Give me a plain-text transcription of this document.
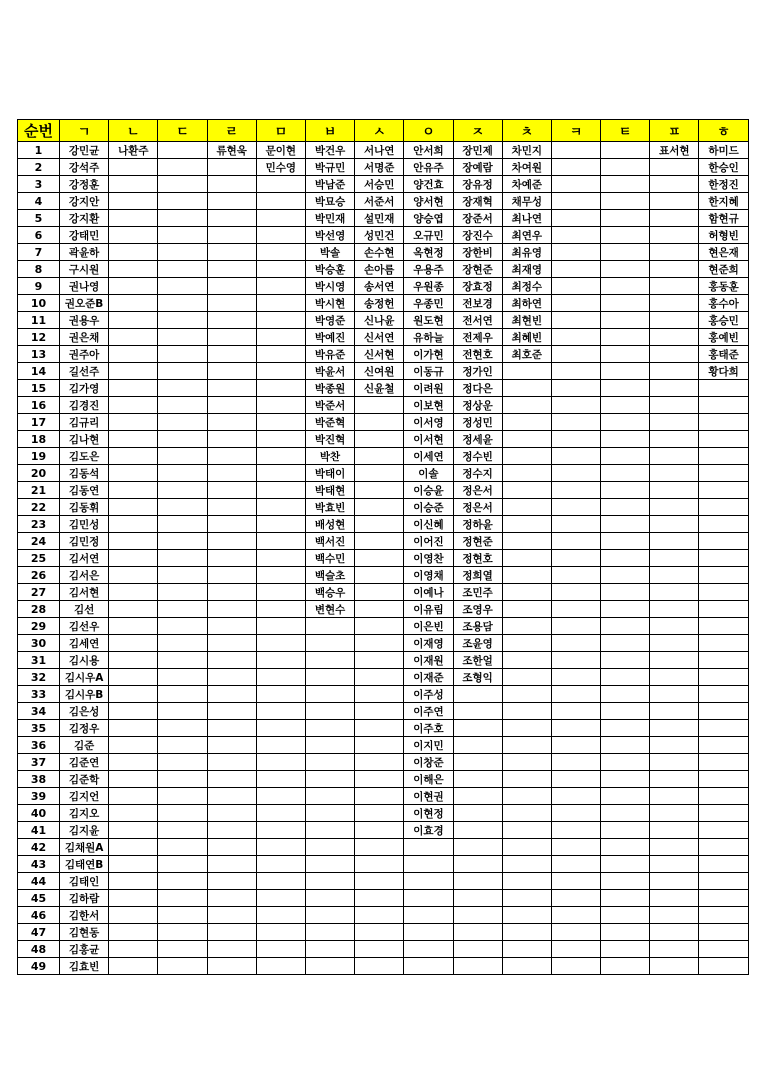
순번	ㄱ	ㄴ	ㄷ	ㄹ	ㅁ	ㅂ	ㅅ	ㅇ	ㅈ	ㅊ	ㅋ	ㅌ	ㅍ	ㅎ
1	강민균	나환주		류현욱	문이현	박건우	서나연	안서희	장민제	차민지			표서현	하미드
2	강석주				민수영	박규민	서명준	안유주	장예람	차여원				한승인
3	강정훈					박남준	서승민	양건효	장유정	차예준				한정진
4	강지안					박묘승	서준서	양서현	장재혁	채무성				한지혜
5	강지환					박민재	설민재	양승엽	장준서	최나연				함현규
6	강태민					박선영	성민건	오규민	장진수	최연우				허형빈
7	곽윤하					박솔	손수현	옥현정	장한비	최유영				현은재
8	구시원					박승훈	손아름	우용주	장현준	최재영				현준희
9	권나영					박시영	송서연	우원종	장효정	최정수				홍동훈
10	권오준B					박시현	송정헌	우종민	전보경	최하연				홍수아
11	권용우					박영준	신나윤	원도현	전서연	최현빈				홍승민
12	권은채					박예진	신서연	유하늘	전제우	최혜빈				홍예빈
13	권주아					박유준	신서현	이가현	전현호	최호준				홍태준
14	길선주					박윤서	신여원	이동규	정가인					황다희
15	김가영					박종원	신윤철	이려원	정다은					
16	김경진					박준서		이보현	정상운					
17	김규리					박준혁		이서영	정성민					
18	김나현					박진혁		이서현	정세윤					
19	김도은					박찬		이세연	정수빈					
20	김동석					박태이		이솔	정수지					
21	김동연					박태현		이승윤	정은서					
22	김동휘					박효빈		이승준	정은서					
23	김민성					배성현		이신혜	정하윤					
24	김민정					백서진		이어진	정현준					
25	김서연					백수민		이영찬	정현호					
26	김서은					백슬초		이영채	정희열					
27	김서현					백승우		이예나	조민주					
28	김선					변현수		이유림	조영우					
29	김선우							이은빈	조용담					
30	김세연							이재영	조윤영					
31	김시용							이재원	조한얼					
32	김시우A							이재준	조형익					
33	김시우B							이주성						
34	김은성							이주연						
35	김정우							이주호						
36	김준							이지민						
37	김준연							이창준						
38	김준학							이해은						
39	김지언							이현권						
40	김지오							이현정						
41	김지윤							이효경						
42	김채원A													
43	김태연B													
44	김태인													
45	김하람													
46	김한서													
47	김현동													
48	김홍균													
49	김효빈													
